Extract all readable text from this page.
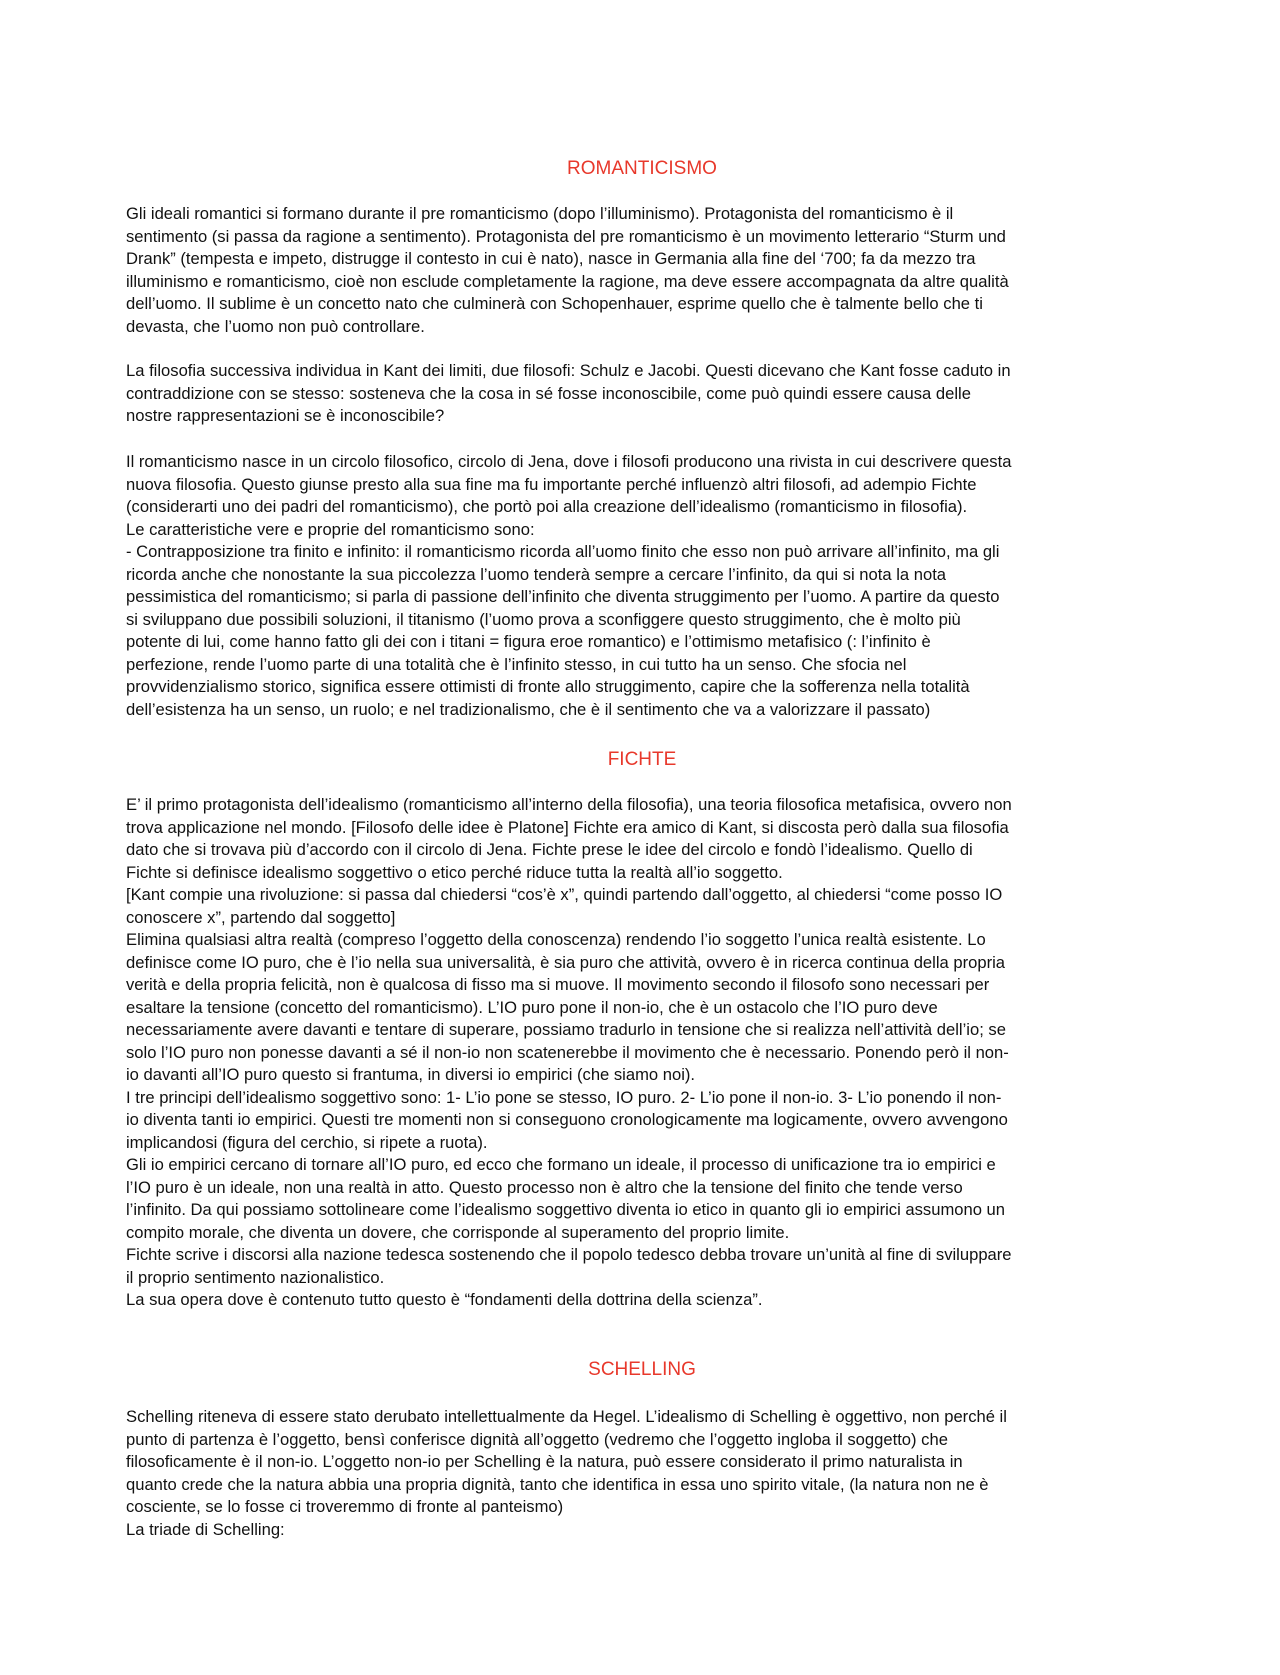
ROMANTICISMO
Gli ideali romantici si formano durante il pre romanticismo (dopo l’illuminismo). Protagonista del romanticismo è il
sentimento (si passa da ragione a sentimento). Protagonista del pre romanticismo è un movimento letterario “Sturm und
Drank” (tempesta e impeto, distrugge il contesto in cui è nato), nasce in Germania alla fine del ‘700; fa da mezzo tra
illuminismo e romanticismo, cioè non esclude completamente la ragione, ma deve essere accompagnata da altre qualità
dell’uomo. Il sublime è un concetto nato che culminerà con Schopenhauer, esprime quello che è talmente bello che ti
devasta, che l’uomo non può controllare.
La filosofia successiva individua in Kant dei limiti, due filosofi: Schulz e Jacobi. Questi dicevano che Kant fosse caduto in
contraddizione con se stesso: sosteneva che la cosa in sé fosse inconoscibile, come può quindi essere causa delle
nostre rappresentazioni se è inconoscibile?
Il romanticismo nasce in un circolo filosofico, circolo di Jena, dove i filosofi producono una rivista in cui descrivere questa
nuova filosofia. Questo giunse presto alla sua fine ma fu importante perché influenzò altri filosofi, ad adempio Fichte
(considerarti uno dei padri del romanticismo), che portò poi alla creazione dell’idealismo (romanticismo in filosofia).
Le caratteristiche vere e proprie del romanticismo sono:
- Contrapposizione tra finito e infinito: il romanticismo ricorda all’uomo finito che esso non può arrivare all’infinito, ma gli
ricorda anche che nonostante la sua piccolezza l’uomo tenderà sempre a cercare l’infinito, da qui si nota la nota
pessimistica del romanticismo; si parla di passione dell’infinito che diventa struggimento per l’uomo. A partire da questo
si sviluppano due possibili soluzioni, il titanismo (l’uomo prova a sconfiggere questo struggimento, che è molto più
potente di lui, come hanno fatto gli dei con i titani = figura eroe romantico) e l’ottimismo metafisico (: l’infinito è
perfezione, rende l’uomo parte di una totalità che è l’infinito stesso, in cui tutto ha un senso. Che sfocia nel
provvidenzialismo storico, significa essere ottimisti di fronte allo struggimento, capire che la sofferenza nella totalità
dell’esistenza ha un senso, un ruolo; e nel tradizionalismo, che è il sentimento che va a valorizzare il passato)
FICHTE
E’ il primo protagonista dell’idealismo (romanticismo all’interno della filosofia), una teoria filosofica metafisica, ovvero non
trova applicazione nel mondo. [Filosofo delle idee è Platone] Fichte era amico di Kant, si discosta però dalla sua filosofia
dato che si trovava più d’accordo con il circolo di Jena. Fichte prese le idee del circolo e fondò l’idealismo. Quello di
Fichte si definisce idealismo soggettivo o etico perché riduce tutta la realtà all’io soggetto.
[Kant compie una rivoluzione: si passa dal chiedersi “cos’è x”, quindi partendo dall’oggetto, al chiedersi “come posso IO
conoscere x”, partendo dal soggetto]
Elimina qualsiasi altra realtà (compreso l’oggetto della conoscenza) rendendo l’io soggetto l’unica realtà esistente. Lo
definisce come IO puro, che è l’io nella sua universalità, è sia puro che attività, ovvero è in ricerca continua della propria
verità e della propria felicità, non è qualcosa di fisso ma si muove. Il movimento secondo il filosofo sono necessari per
esaltare la tensione (concetto del romanticismo). L’IO puro pone il non-io, che è un ostacolo che l’IO puro deve
necessariamente avere davanti e tentare di superare, possiamo tradurlo in tensione che si realizza nell’attività dell’io; se
solo l’IO puro non ponesse davanti a sé il non-io non scatenerebbe il movimento che è necessario. Ponendo però il non-
io davanti all’IO puro questo si frantuma, in diversi io empirici (che siamo noi).
I tre principi dell’idealismo soggettivo sono: 1- L’io pone se stesso, IO puro. 2- L’io pone il non-io. 3- L’io ponendo il non-
io diventa tanti io empirici. Questi tre momenti non si conseguono cronologicamente ma logicamente, ovvero avvengono
implicandosi (figura del cerchio, si ripete a ruota).
Gli io empirici cercano di tornare all’IO puro, ed ecco che formano un ideale, il processo di unificazione tra io empirici e
l’IO puro è un ideale, non una realtà in atto. Questo processo non è altro che la tensione del finito che tende verso
l’infinito. Da qui possiamo sottolineare come l’idealismo soggettivo diventa io etico in quanto gli io empirici assumono un
compito morale, che diventa un dovere, che corrisponde al superamento del proprio limite.
Fichte scrive i discorsi alla nazione tedesca sostenendo che il popolo tedesco debba trovare un’unità al fine di sviluppare
il proprio sentimento nazionalistico.
La sua opera dove è contenuto tutto questo è “fondamenti della dottrina della scienza”.
SCHELLING
Schelling riteneva di essere stato derubato intellettualmente da Hegel. L’idealismo di Schelling è oggettivo, non perché il
punto di partenza è l’oggetto, bensì conferisce dignità all’oggetto (vedremo che l’oggetto ingloba il soggetto) che
filosoficamente è il non-io. L’oggetto non-io per Schelling è la natura, può essere considerato il primo naturalista in
quanto crede che la natura abbia una propria dignità, tanto che identifica in essa uno spirito vitale, (la natura non ne è
cosciente, se lo fosse ci troveremmo di fronte al panteismo)
La triade di Schelling:
